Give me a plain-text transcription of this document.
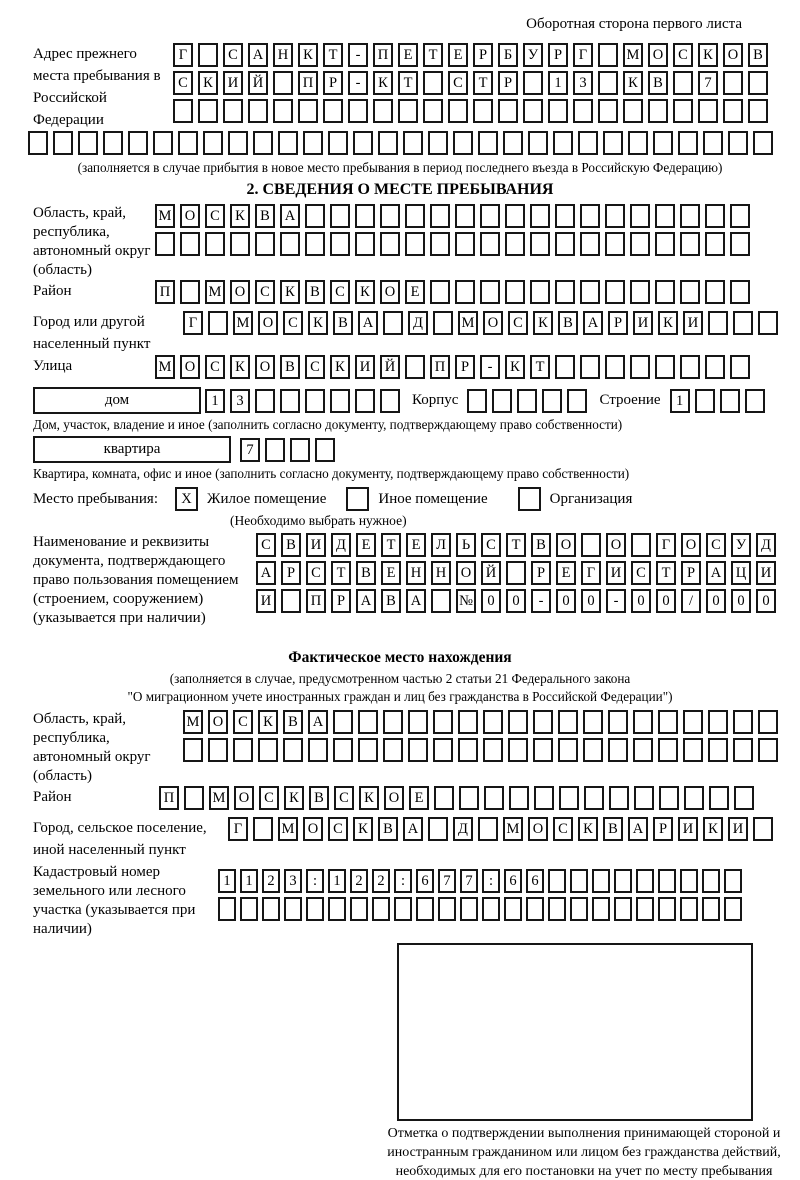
Оборотная сторона первого листа
Адрес прежнего места пребывания в Российской Федерации
Г	С А Н К Т - П Е Т Е Р Б У Р Г	М О С К О В
С К И Й	П Р - К Т	С Т Р	1 3	К В	7

(заполняется в случае прибытия в новое место пребывания в период последнего въезда в Российскую Федерацию)
2. СВЕДЕНИЯ О МЕСТЕ ПРЕБЫВАНИЯ
Область, край, республика, автономный округ (область)
М О С К В А

Район	П	М О С К В С К О Е
Город или другой населенный пункт
Г	М О С К В А	Д	М О С К В А Р И К И
Улица	М О С К О В С К И Й	П Р - К Т
дом	1 3	Корпус
	Строение	1
Дом, участок, владение и иное (заполнить согласно документу, подтверждающему право собственности)
квартира	7
Квартира, комната, офис и иное (заполнить согласно документу, подтверждающему право собственности)
Место пребывания:	X	Жилое помещение	Иное помещение	Организация
(Необходимо выбрать нужное)
Наименование и реквизиты документа, подтверждающего право пользования помещением (строением, сооружением) (указывается при наличии)
С В И Д Е Т Е Л Ь С Т В О	О	Г О С У Д
А Р С Т В Е Н Н О Й	Р Е Г И С Т Р А Ц И
И	П Р А В А	№ 0 0 - 0 0 - 0 0 / 0 0 0
Фактическое место нахождения
(заполняется в случае, предусмотренном частью 2 статьи 21 Федерального закона
"О миграционном учете иностранных граждан и лиц без гражданства в Российской Федерации")
Область, край, республика, автономный округ (область)
М О С К В А

Район	П	М О С К В С К О Е
Город, сельское поселение, иной населенный пункт
Г	М О С К В А	Д	М О С К В А Р И К И
Кадастровый номер земельного или лесного участка (указывается при наличии)
1 1 2 3 : 1 2 2 : 6 7 7 : 6 6

Отметка о подтверждении выполнения принимающей стороной и иностранным гражданином или лицом без гражданства действий, необходимых для его постановки на учет по месту пребывания
